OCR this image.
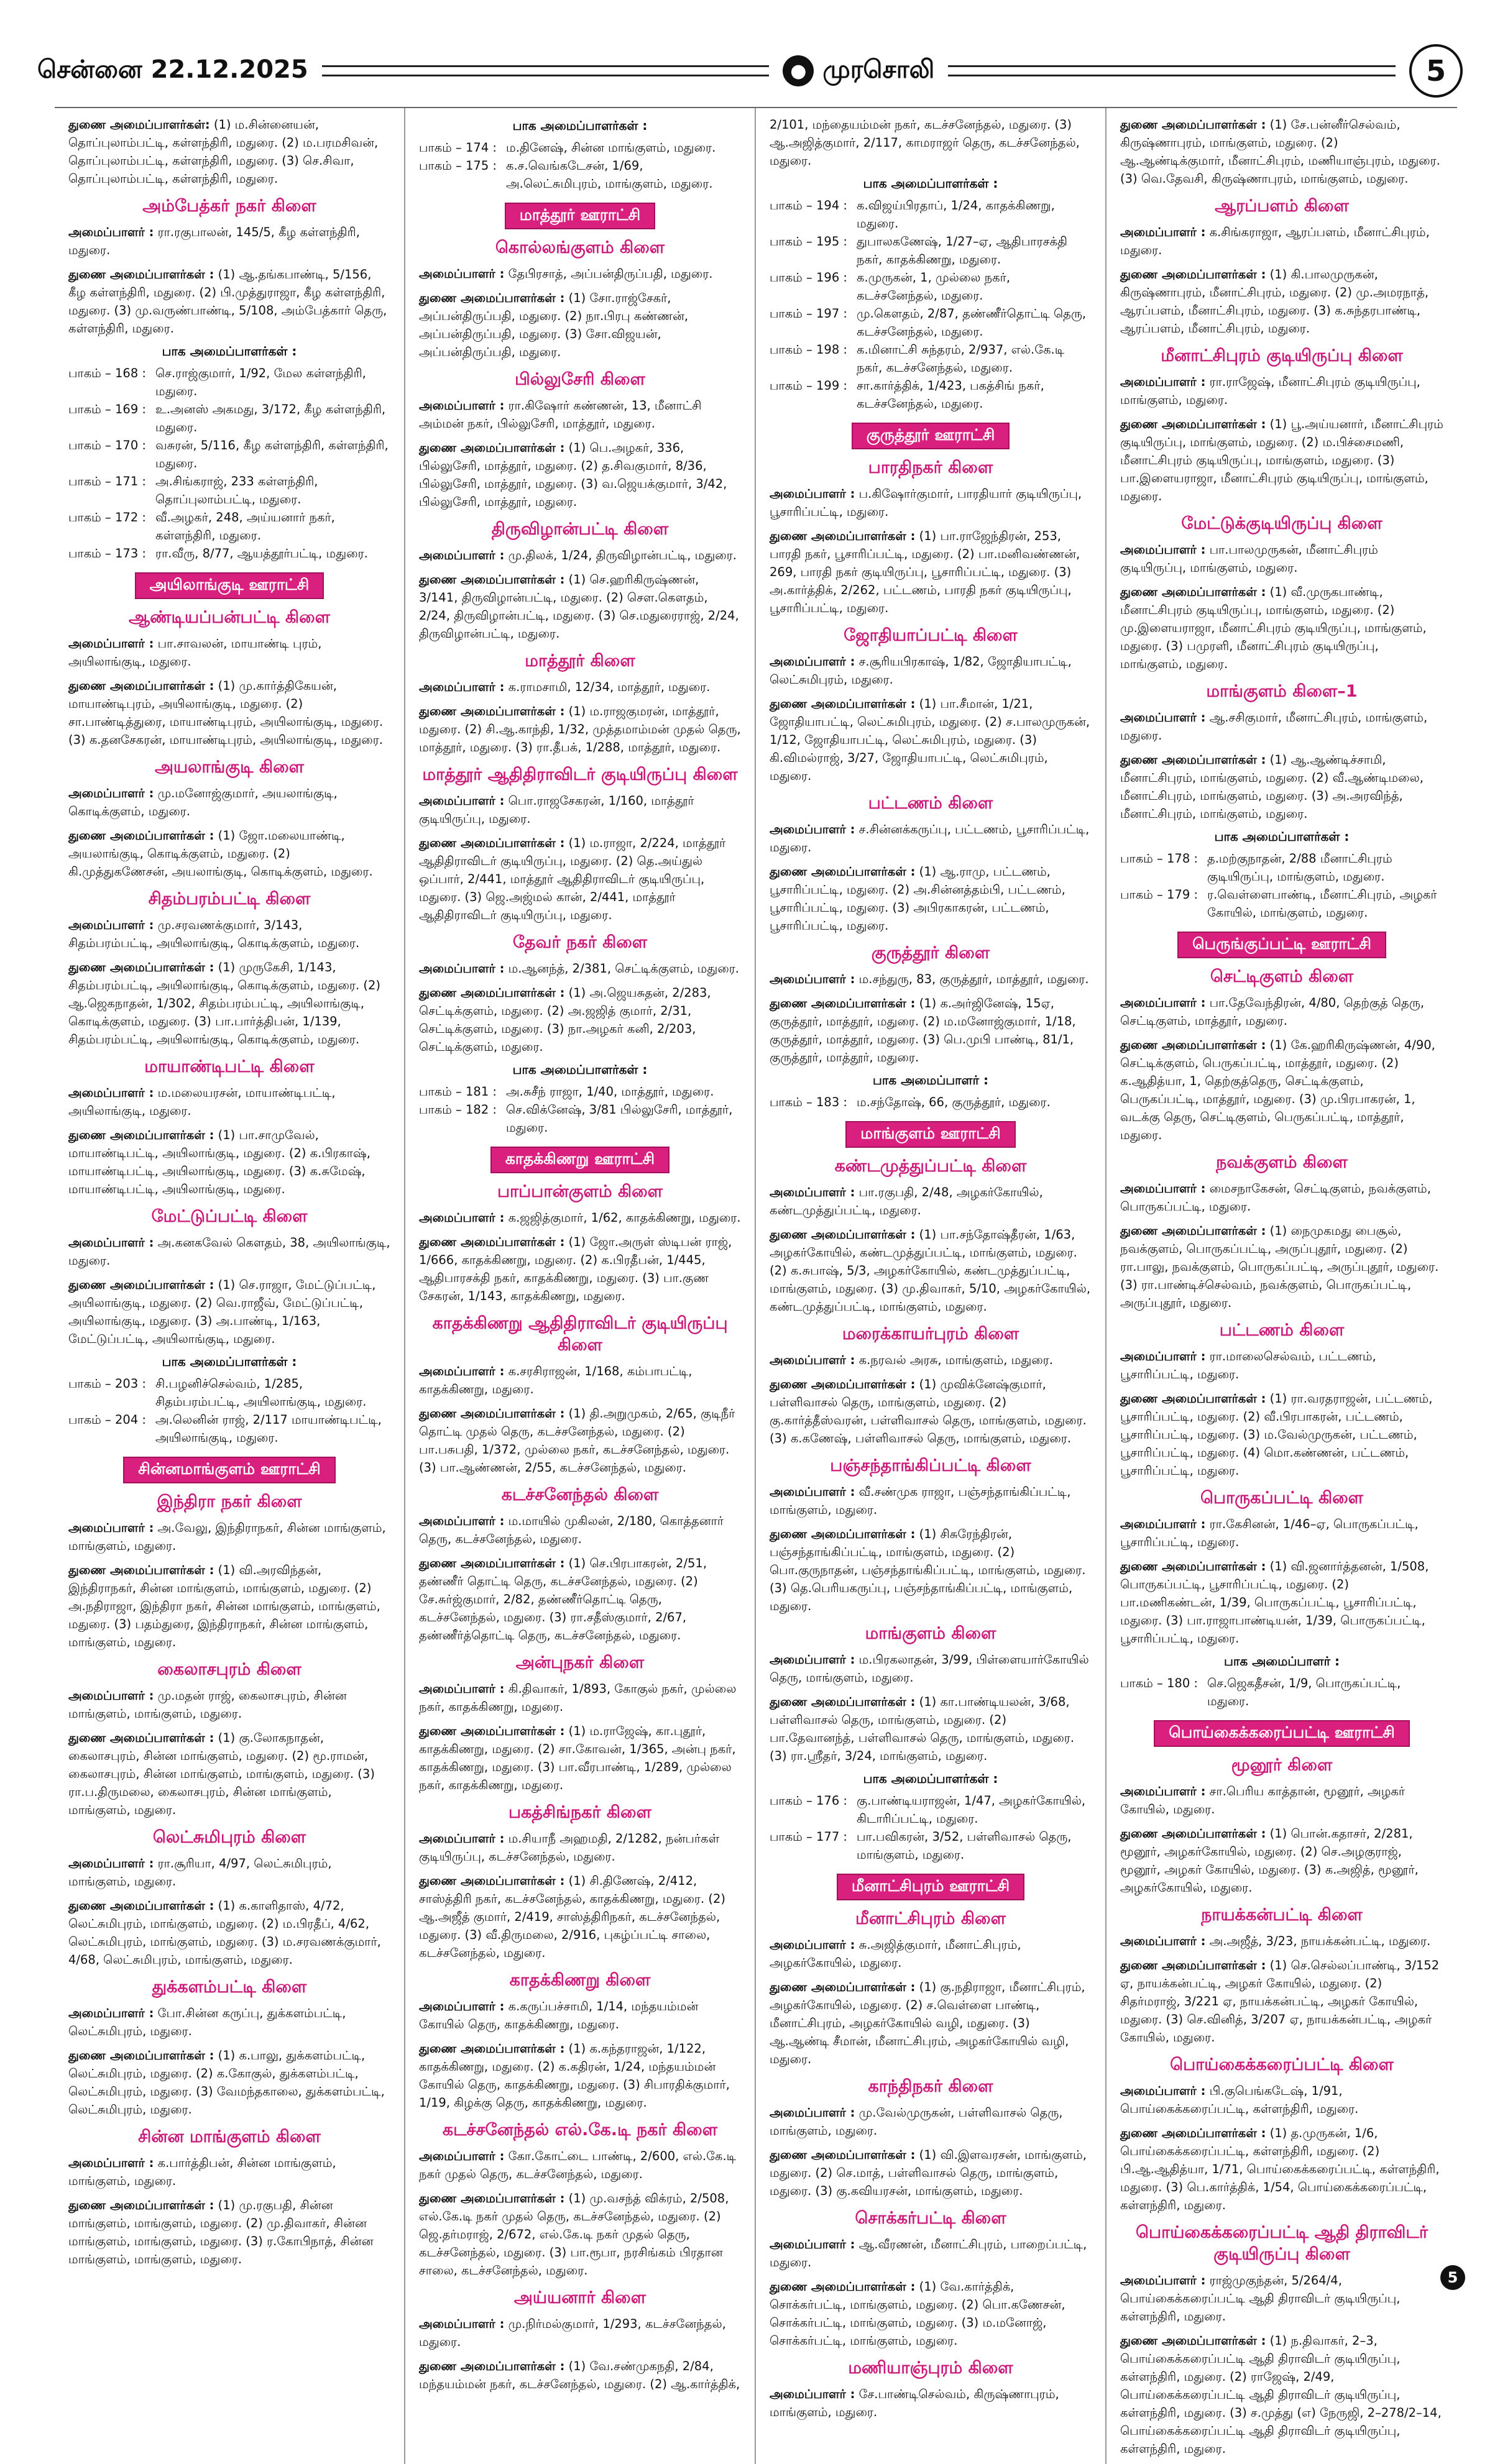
சென்னை 22.12.2025	● முரசொலி	5

துணை அமைப்பாளர்கள்: (1) ம.சின்னையன், தொப்புலாம்பட்டி, கள்ளந்திரி, மதுரை. (2) ம.பரமசிவன், தொப்புலாம்பட்டி, கள்ளந்திரி, மதுரை. (3) செ.சிவா, தொப்புலாம்பட்டி, கள்ளந்திரி, மதுரை.

அம்பேத்கர் நகர் கிளை

அமைப்பாளர் : ரா.ரகுபாலன், 145/5, கீழ கள்ளந்திரி, மதுரை.

துணை அமைப்பாளர்கள் : (1) ஆ.தங்கபாண்டி, 5/156, கீழ கள்ளந்திரி, மதுரை. (2) பி.முத்துராஜா, கீழ கள்ளந்திரி, மதுரை. (3) மு.வருண்பாண்டி, 5/108, அம்பேத்கார் தெரு, கள்ளந்திரி, மதுரை.

பாக அமைப்பாளர்கள் :
பாகம் – 168 : செ.ராஜ்குமார், 1/92, மேல கள்ளந்திரி, மதுரை.
பாகம் – 169 : உ.அனஸ் அகமது, 3/172, கீழ கள்ளந்திரி, மதுரை.
பாகம் – 170 : வசுரன், 5/116, கீழ கள்ளந்திரி, கள்ளந்திரி, மதுரை.
பாகம் – 171 : அ.சிங்கராஜ், 233 கள்ளந்திரி, தொப்புலாம்பட்டி, மதுரை.
பாகம் – 172 : வீ.அழகர், 248, அய்யனார் நகர், கள்ளந்திரி, மதுரை.
பாகம் – 173 : ரா.வீரு, 8/77, ஆயத்தூர்பட்டி, மதுரை.
அயிலாங்குடி ஊராட்சி
ஆண்டியப்பன்பட்டி கிளை

அமைப்பாளர் : பா.சாவலன், மாயாண்டி புரம், அயிலாங்குடி, மதுரை.

துணை அமைப்பாளர்கள் : (1) மு.கார்த்திகேயன், மாயாண்டிபுரம், அயிலாங்குடி, மதுரை. (2) சா.பாண்டித்துரை, மாயாண்டிபுரம், அயிலாங்குடி, மதுரை. (3) க.தனசேகரன், மாயாண்டிபுரம், அயிலாங்குடி, மதுரை.

அயலாங்குடி கிளை

அமைப்பாளர் : மு.மனோஜ்குமார், அயலாங்குடி, கொடிக்குளம், மதுரை.

துணை அமைப்பாளர்கள் : (1) ஜோ.மலையாண்டி, அயலாங்குடி, கொடிக்குளம், மதுரை. (2) கி.முத்துகணேசன், அயலாங்குடி, கொடிக்குளம், மதுரை.

சிதம்பரம்பட்டி கிளை

அமைப்பாளர் : மு.சரவணக்குமார், 3/143, சிதம்பரம்பட்டி, அயிலாங்குடி, கொடிக்குளம், மதுரை.

துணை அமைப்பாளர்கள் : (1) முருகேசி, 1/143, சிதம்பரம்பட்டி, அயிலாங்குடி, கொடிக்குளம், மதுரை. (2) ஆ.ஜெகநாதன், 1/302, சிதம்பரம்பட்டி, அயிலாங்குடி, கொடிக்குளம், மதுரை. (3) பா.பார்த்திபன், 1/139, சிதம்பரம்பட்டி, அயிலாங்குடி, கொடிக்குளம், மதுரை.

மாயாண்டிபட்டி கிளை

அமைப்பாளர் : ம.மலையரசன், மாயாண்டிபட்டி, அயிலாங்குடி, மதுரை.

துணை அமைப்பாளர்கள் : (1) பா.சாமுவேல், மாயாண்டிபட்டி, அயிலாங்குடி, மதுரை. (2) க.பிரகாஷ், மாயாண்டிபட்டி, அயிலாங்குடி, மதுரை. (3) க.சுமேஷ், மாயாண்டிபட்டி, அயிலாங்குடி, மதுரை.

மேட்டுப்பட்டி கிளை

அமைப்பாளர் : அ.கனகவேல் கௌதம், 38, அயிலாங்குடி, மதுரை.

துணை அமைப்பாளர்கள் : (1) செ.ராஜா, மேட்டுப்பட்டி, அயிலாங்குடி, மதுரை. (2) வெ.ராஜீவ், மேட்டுப்பட்டி, அயிலாங்குடி, மதுரை. (3) அ.பாண்டி, 1/163, மேட்டுப்பட்டி, அயிலாங்குடி, மதுரை.

பாக அமைப்பாளர்கள் :
பாகம் – 203 : சி.பழனிச்செல்வம், 1/285, சிதம்பரம்பட்டி, அயிலாங்குடி, மதுரை.
பாகம் – 204 : அ.லெனின் ராஜ், 2/117 மாயாண்டிபட்டி, அயிலாங்குடி, மதுரை.
சின்னமாங்குளம் ஊராட்சி
இந்திரா நகர் கிளை

அமைப்பாளர் : அ.வேலு, இந்திராநகர், சின்ன மாங்குளம், மாங்குளம், மதுரை.

துணை அமைப்பாளர்கள் : (1) வி.அரவிந்தன், இந்திராநகர், சின்ன மாங்குளம், மாங்குளம், மதுரை. (2) அ.நதிராஜா, இந்திரா நகர், சின்ன மாங்குளம், மாங்குளம், மதுரை. (3) பதம்துரை, இந்திராநகர், சின்ன மாங்குளம், மாங்குளம், மதுரை.

கைலாசபுரம் கிளை

அமைப்பாளர் : மு.மதன் ராஜ், கைலாசபுரம், சின்ன மாங்குளம், மாங்குளம், மதுரை.

துணை அமைப்பாளர்கள் : (1) கு.லோகநாதன், கைலாசபுரம், சின்ன மாங்குளம், மதுரை. (2) மூ.ராமன், கைலாசபுரம், சின்ன மாங்குளம், மாங்குளம், மதுரை. (3) ரா.ப.திருமலை, கைலாசபுரம், சின்ன மாங்குளம், மாங்குளம், மதுரை.

லெட்சுமிபுரம் கிளை

அமைப்பாளர் : ரா.சூரியா, 4/97, லெட்சுமிபுரம், மாங்குளம், மதுரை.

துணை அமைப்பாளர்கள் : (1) க.காளிதாஸ், 4/72, லெட்சுமிபுரம், மாங்குளம், மதுரை. (2) ம.பிரதீப், 4/62, லெட்சுமிபுரம், மாங்குளம், மதுரை. (3) ம.சரவணக்குமார், 4/68, லெட்சுமிபுரம், மாங்குளம், மதுரை.

துக்களம்பட்டி கிளை

அமைப்பாளர் : போ.சின்ன கருப்பு, துக்களம்பட்டி, லெட்சுமிபுரம், மதுரை.

துணை அமைப்பாளர்கள் : (1) க.பாலு, துக்களம்பட்டி, லெட்சுமிபுரம், மதுரை. (2) க.கோகுல், துக்களம்பட்டி, லெட்சுமிபுரம், மதுரை. (3) வேமந்தகாலை, துக்களம்பட்டி, லெட்சுமிபுரம், மதுரை.

சின்ன மாங்குளம் கிளை

அமைப்பாளர் : க.பார்த்திபன், சின்ன மாங்குளம், மாங்குளம், மதுரை.

துணை அமைப்பாளர்கள் : (1) மு.ரகுபதி, சின்ன மாங்குளம், மாங்குளம், மதுரை. (2) மு.திவாகர், சின்ன மாங்குளம், மாங்குளம், மதுரை. (3) ர.கோபிநாத், சின்ன மாங்குளம், மாங்குளம், மதுரை.

பாக அமைப்பாளர்கள் :
பாகம் – 174 : ம.தினேஷ், சின்ன மாங்குளம், மதுரை.
பாகம் – 175 : க.ச.வெங்கடேசன், 1/69, அ.லெட்சுமிபுரம், மாங்குளம், மதுரை.
மாத்தூர் ஊராட்சி
கொல்லங்குளம் கிளை

அமைப்பாளர் : தேபிரசாத், அப்பன்திருப்பதி, மதுரை.

துணை அமைப்பாளர்கள் : (1) சோ.ராஜ்சேகர், அப்பன்திருப்பதி, மதுரை. (2) நா.பிரபு கண்ணன், அப்பன்திருப்பதி, மதுரை. (3) சோ.விஜயன், அப்பன்திருப்பதி, மதுரை.

பில்லுசேரி கிளை

அமைப்பாளர் : ரா.கிஷோர் கண்ணன், 13, மீனாட்சி அம்மன் நகர், பில்லுசேரி, மாத்தூர், மதுரை.

துணை அமைப்பாளர்கள் : (1) பெ.அழகர், 336, பில்லுசேரி, மாத்தூர், மதுரை. (2) த.சிவகுமார், 8/36, பில்லுசேரி, மாத்தூர், மதுரை. (3) வ.ஜெயக்குமார், 3/42, பில்லுசேரி, மாத்தூர், மதுரை.

திருவிழான்பட்டி கிளை

அமைப்பாளர் : மு.திலக், 1/24, திருவிழான்பட்டி, மதுரை.

துணை அமைப்பாளர்கள் : (1) செ.ஹரிகிருஷ்ணன், 3/141, திருவிழான்பட்டி, மதுரை. (2) சௌ.கௌதம், 2/24, திருவிழான்பட்டி, மதுரை. (3) செ.மதுரைராஜ், 2/24, திருவிழான்பட்டி, மதுரை.

மாத்தூர் கிளை

அமைப்பாளர் : க.ராமசாமி, 12/34, மாத்தூர், மதுரை.

துணை அமைப்பாளர்கள் : (1) ம.ராஜகுமரன், மாத்தூர், மதுரை. (2) சி.ஆ.காந்தி, 1/32, முத்தமாம்மன் முதல் தெரு, மாத்தூர், மதுரை. (3) ரா.தீபக், 1/288, மாத்தூர், மதுரை.

மாத்தூர் ஆதிதிராவிடர் குடியிருப்பு கிளை

அமைப்பாளர் : பொ.ராஜசேகரன், 1/160, மாத்தூர் குடியிருப்பு, மதுரை.

துணை அமைப்பாளர்கள் : (1) ம.ராஜா, 2/224, மாத்தூர் ஆதிதிராவிடர் குடியிருப்பு, மதுரை. (2) தெ.அய்துல் ஒப்பார், 2/441, மாத்தூர் ஆதிதிராவிடர் குடியிருப்பு, மதுரை. (3) ஜெ.அஜ்மல் கான், 2/441, மாத்தூர் ஆதிதிராவிடர் குடியிருப்பு, மதுரை.

தேவர் நகர் கிளை

அமைப்பாளர் : ம.ஆனந்த், 2/381, செட்டிக்குளம், மதுரை.

துணை அமைப்பாளர்கள் : (1) அ.ஜெயசுதன், 2/283, செட்டிக்குளம், மதுரை. (2) அ.ஜஜித் குமார், 2/31, செட்டிக்குளம், மதுரை. (3) நா.அழகர் கனி, 2/203, செட்டிக்குளம், மதுரை.

பாக அமைப்பாளர்கள் :
பாகம் – 181 : அ.சுசீந் ராஜா, 1/40, மாத்தூர், மதுரை.
பாகம் – 182 : செ.விக்னேஷ், 3/81 பில்லுசேரி, மாத்தூர், மதுரை.
காதக்கிணறு ஊராட்சி
பாப்பான்குளம் கிளை

அமைப்பாளர் : க.ஜஜித்குமார், 1/62, காதக்கிணறு, மதுரை.

துணை அமைப்பாளர்கள் : (1) ஜோ.அருள் ஸ்டிபன் ராஜ், 1/666, காதக்கிணறு, மதுரை. (2) க.பிரதீபன், 1/445, ஆதிபாரசக்தி நகர், காதக்கிணறு, மதுரை. (3) பா.குண சேகரன், 1/143, காதக்கிணறு, மதுரை.

காதக்கிணறு ஆதிதிராவிடர் குடியிருப்பு கிளை

அமைப்பாளர் : க.சரசிராஜன், 1/168, கம்பாபட்டி, காதக்கிணறு, மதுரை.

துணை அமைப்பாளர்கள் : (1) தி.அறுமுகம், 2/65, குடிநீர் தொட்டி முதல் தெரு, கடச்சனேந்தல், மதுரை. (2) பா.பசுபதி, 1/372, முல்லை நகர், கடச்சனேந்தல், மதுரை. (3) பா.ஆண்ணன், 2/55, கடச்சனேந்தல், மதுரை.

கடச்சனேந்தல் கிளை

அமைப்பாளர் : ம.மாயில் முகிலன், 2/180, கொத்தனார் தெரு, கடச்சனேந்தல், மதுரை.

துணை அமைப்பாளர்கள் : (1) செ.பிரபாகரன், 2/51, தண்ணீர் தொட்டி தெரு, கடச்சனேந்தல், மதுரை. (2) சே.சுர்ஜ்குமார், 2/82, தண்ணீர்தொட்டி தெரு, கடச்சனேந்தல், மதுரை. (3) ரா.சதீஸ்குமார், 2/67, தண்ணீர்த்தொட்டி தெரு, கடச்சனேந்தல், மதுரை.

அன்புநகர் கிளை

அமைப்பாளர் : கி.திவாகர், 1/893, கோகுல் நகர், முல்லை நகர், காதக்கிணறு, மதுரை.

துணை அமைப்பாளர்கள் : (1) ம.ராஜேஷ், கா.புதூர், காதக்கிணறு, மதுரை. (2) சா.கோவன், 1/365, அன்பு நகர், காதக்கிணறு, மதுரை. (3) பா.வீரபாண்டி, 1/289, முல்லை நகர், காதக்கிணறு, மதுரை.

பகத்சிங்நகர் கிளை

அமைப்பாளர் : ம.சியாநீ அஹமதி, 2/1282, நன்பர்கள் குடியிருப்பு, கடச்சனேந்தல், மதுரை.

துணை அமைப்பாளர்கள் : (1) சி.திணேஷ், 2/412, சாஸ்த்திரி நகர், கடச்சனேந்தல், காதக்கிணறு, மதுரை. (2) ஆ.அஜீத் குமார், 2/419, சாஸ்த்திரிநகர், கடச்சனேந்தல், மதுரை. (3) வீ.திருமலை, 2/916, புகழ்ப்பட்டி சாலை, கடச்சனேந்தல், மதுரை.

காதக்கிணறு கிளை

அமைப்பாளர் : க.கருப்பச்சாமி, 1/14, மந்தயம்மன் கோயில் தெரு, காதக்கிணறு, மதுரை.

துணை அமைப்பாளர்கள் : (1) க.கந்தராஜன், 1/122, காதக்கிணறு, மதுரை. (2) க.கதிரன், 1/24, மந்தயம்மன் கோயில் தெரு, காதக்கிணறு, மதுரை. (3) சிபாரதிக்குமார், 1/19, கிழக்கு தெரு, காதக்கிணறு, மதுரை.

கடச்சனேந்தல் எல்.கே.டி நகர் கிளை

அமைப்பாளர் : கோ.கோட்டை பாண்டி, 2/600, எல்.கே.டி நகர் முதல் தெரு, கடச்சனேந்தல், மதுரை.

துணை அமைப்பாளர்கள் : (1) மு.வசந்த் விக்ரம், 2/508, எல்.கே.டி நகர் முதல் தெரு, கடச்சனேந்தல், மதுரை. (2) ஜெ.தர்மராஜ், 2/672, எல்.கே.டி நகர் முதல் தெரு, கடச்சனேந்தல், மதுரை. (3) பா.ரூபா, நரசிங்கம் பிரதான சாலை, கடச்சனேந்தல், மதுரை.

அய்யனார் கிளை

அமைப்பாளர் : மு.நிர்மல்குமார், 1/293, கடச்சனேந்தல், மதுரை.

துணை அமைப்பாளர்கள் : (1) வே.சண்முகநதி, 2/84, மந்தயம்மன் நகர், கடச்சனேந்தல், மதுரை. (2) ஆ.கார்த்திக்,

2/101, மந்தையம்மன் நகர், கடச்சனேந்தல், மதுரை. (3) ஆ.அஜித்குமார், 2/117, காமராஜர் தெரு, கடச்சனேந்தல், மதுரை.

பாக அமைப்பாளர்கள் :
பாகம் – 194 : க.விஜய்பிரதாப், 1/24, காதக்கிணறு, மதுரை.
பாகம் – 195 : துபாலகணேஷ், 1/27–ஏ, ஆதிபாரசக்தி நகர், காதக்கிணறு, மதுரை.
பாகம் – 196 : க.முருகன், 1, முல்லை நகர், கடச்சனேந்தல், மதுரை.
பாகம் – 197 : மு.கௌதம், 2/87, தண்ணீர்தொட்டி தெரு, கடச்சனேந்தல், மதுரை.
பாகம் – 198 : க.மினாட்சி சுந்தரம், 2/937, எல்.கே.டி நகர், கடச்சனேந்தல், மதுரை.
பாகம் – 199 : சா.கார்த்திக், 1/423, பகத்சிங் நகர், கடச்சனேந்தல், மதுரை.
குருத்தூர் ஊராட்சி
பாரதிநகர் கிளை

அமைப்பாளர் : ப.கிஷோர்குமார், பாரதியார் குடியிருப்பு, பூசாரிப்பட்டி, மதுரை.

துணை அமைப்பாளர்கள் : (1) பா.ராஜேந்திரன், 253, பாரதி நகர், பூசாரிப்பட்டி, மதுரை. (2) பா.மனிவண்ணன், 269, பாரதி நகர் குடியிருப்பு, பூசாரிப்பட்டி, மதுரை. (3) அ.கார்த்திக், 2/262, பட்டணம், பாரதி நகர் குடியிருப்பு, பூசாரிப்பட்டி, மதுரை.

ஜோதியாப்பட்டி கிளை

அமைப்பாளர் : ச.சூரியபிரகாஷ், 1/82, ஜோதியாபட்டி, லெட்சுமிபுரம், மதுரை.

துணை அமைப்பாளர்கள் : (1) பா.சீமான், 1/21, ஜோதியாபட்டி, லெட்சுமிபுரம், மதுரை. (2) ச.பாலமுருகன், 1/12, ஜோதியாபட்டி, லெட்சுமிபுரம், மதுரை. (3) கி.விமல்ராஜ், 3/27, ஜோதியாபட்டி, லெட்சுமிபுரம், மதுரை.

பட்டணம் கிளை

அமைப்பாளர் : ச.சின்னக்கருப்பு, பட்டணம், பூசாரிப்பட்டி, மதுரை.

துணை அமைப்பாளர்கள் : (1) ஆ.ராமு, பட்டணம், பூசாரிப்பட்டி, மதுரை. (2) அ.சின்னத்தம்பி, பட்டணம், பூசாரிப்பட்டி, மதுரை. (3) அபிரகாகரன், பட்டணம், பூசாரிப்பட்டி, மதுரை.

குருத்தூர் கிளை

அமைப்பாளர் : ம.சந்துரு, 83, குருத்தூர், மாத்தூர், மதுரை.

துணை அமைப்பாளர்கள் : (1) க.அர்ஜினேஷ், 15ஏ, குருத்தூர், மாத்தூர், மதுரை. (2) ம.மனோஜ்குமார், 1/18, குருத்தூர், மாத்தூர், மதுரை. (3) பெ.முபி பாண்டி, 81/1, குருத்தூர், மாத்தூர், மதுரை.

பாக அமைப்பாளர் :
பாகம் – 183 : ம.சந்தோஷ், 66, குருத்தூர், மதுரை.
மாங்குளம் ஊராட்சி
கண்டமுத்துப்பட்டி கிளை

அமைப்பாளர் : பா.ரகுபதி, 2/48, அழகர்கோயில், கண்டமுத்துப்பட்டி, மதுரை.

துணை அமைப்பாளர்கள் : (1) பா.சந்தோஷ்தீரன், 1/63, அழகர்கோயில், கண்டமுத்துப்பட்டி, மாங்குளம், மதுரை. (2) க.சுபாஷ், 5/3, அழகர்கோயில், கண்டமுத்துப்பட்டி, மாங்குளம், மதுரை. (3) மு.திவாகர், 5/10, அழகர்கோயில், கண்டமுத்துப்பட்டி, மாங்குளம், மதுரை.

மரைக்காயர்புரம் கிளை

அமைப்பாளர் : க.நரவல் அரசு, மாங்குளம், மதுரை.

துணை அமைப்பாளர்கள் : (1) முவிக்னேஷ்குமார், பள்ளிவாசல் தெரு, மாங்குளம், மதுரை. (2) கு.கார்த்தீஸ்வரன், பள்ளிவாசல் தெரு, மாங்குளம், மதுரை. (3) க.கணேஷ், பள்ளிவாசல் தெரு, மாங்குளம், மதுரை.

பஞ்சந்தாங்கிப்பட்டி கிளை

அமைப்பாளர் : வீ.சண்முக ராஜா, பஞ்சந்தாங்கிப்பட்டி, மாங்குளம், மதுரை.

துணை அமைப்பாளர்கள் : (1) சிசுரேந்திரன், பஞ்சந்தாங்கிப்பட்டி, மாங்குளம், மதுரை. (2) பொ.குருநாதன், பஞ்சந்தாங்கிப்பட்டி, மாங்குளம், மதுரை. (3) தெ.பெரியகருப்பு, பஞ்சந்தாங்கிப்பட்டி, மாங்குளம், மதுரை.

மாங்குளம் கிளை

அமைப்பாளர் : ம.பிரகலாதன், 3/99, பிள்ளையார்கோயில் தெரு, மாங்குளம், மதுரை.

துணை அமைப்பாளர்கள் : (1) கா.பாண்டியலன், 3/68, பள்ளிவாசல் தெரு, மாங்குளம், மதுரை. (2) பா.தேவானந்த், பள்ளிவாசல் தெரு, மாங்குளம், மதுரை. (3) ரா.ஸ்ரீதர், 3/24, மாங்குளம், மதுரை.

பாக அமைப்பாளர்கள் :
பாகம் – 176 : கு.பாண்டியராஜன், 1/47, அழகர்கோயில், கிடாரிப்பட்டி, மதுரை.
பாகம் – 177 : பா.பவிகரன், 3/52, பள்ளிவாசல் தெரு, மாங்குளம், மதுரை.
மீனாட்சிபுரம் ஊராட்சி
மீனாட்சிபுரம் கிளை

அமைப்பாளர் : சு.அஜித்குமார், மீனாட்சிபுரம், அழகர்கோயில், மதுரை.

துணை அமைப்பாளர்கள் : (1) கு.நதிராஜா, மீனாட்சிபுரம், அழகர்கோயில், மதுரை. (2) ச.வெள்ளை பாண்டி, மீனாட்சிபுரம், அழகர்கோயில் வழி, மதுரை. (3) ஆ.ஆண்டி சீமான், மீனாட்சிபுரம், அழகர்கோயில் வழி, மதுரை.

காந்திநகர் கிளை

அமைப்பாளர் : மு.வேல்முருகன், பள்ளிவாசல் தெரு, மாங்குளம், மதுரை.

துணை அமைப்பாளர்கள் : (1) வி.இளவரசன், மாங்குளம், மதுரை. (2) செ.மாத், பள்ளிவாசல் தெரு, மாங்குளம், மதுரை. (3) கு.கவியரசன், மாங்குளம், மதுரை.

சொக்கர்பட்டி கிளை

அமைப்பாளர் : ஆ.வீரணன், மீனாட்சிபுரம், பாறைப்பட்டி, மதுரை.

துணை அமைப்பாளர்கள் : (1) வே.கார்த்திக், சொக்கர்பட்டி, மாங்குளம், மதுரை. (2) பொ.கணேசன், சொக்கர்பட்டி, மாங்குளம், மதுரை. (3) ம.மனோஜ், சொக்கர்பட்டி, மாங்குளம், மதுரை.

மணியாஞ்புரம் கிளை

அமைப்பாளர் : சே.பாண்டிசெல்வம், கிருஷ்ணாபுரம், மாங்குளம், மதுரை.

துணை அமைப்பாளர்கள் : (1) சே.பன்னீர்செல்வம், கிருஷ்ணாபுரம், மாங்குளம், மதுரை. (2) ஆ.ஆண்டிக்குமார், மீனாட்சிபுரம், மணியாஞ்புரம், மதுரை. (3) வெ.தேவசி, கிருஷ்ணாபுரம், மாங்குளம், மதுரை.

ஆரப்பளம் கிளை

அமைப்பாளர் : க.சிங்கராஜா, ஆரப்பளம், மீனாட்சிபுரம், மதுரை.

துணை அமைப்பாளர்கள் : (1) கி.பாலமுருகன், கிருஷ்ணாபுரம், மீனாட்சிபுரம், மதுரை. (2) மு.அமரநாத், ஆரப்பளம், மீனாட்சிபுரம், மதுரை. (3) க.சுந்தரபாண்டி, ஆரப்பளம், மீனாட்சிபுரம், மதுரை.

மீனாட்சிபுரம் குடியிருப்பு கிளை

அமைப்பாளர் : ரா.ராஜேஷ், மீனாட்சிபுரம் குடியிருப்பு, மாங்குளம், மதுரை.

துணை அமைப்பாளர்கள் : (1) பூ.அய்யனார், மீனாட்சிபுரம் குடியிருப்பு, மாங்குளம், மதுரை. (2) ம.பிச்சைமணி, மீனாட்சிபுரம் குடியிருப்பு, மாங்குளம், மதுரை. (3) பா.இளையராஜா, மீனாட்சிபுரம் குடியிருப்பு, மாங்குளம், மதுரை.

மேட்டுக்குடியிருப்பு கிளை

அமைப்பாளர் : பா.பாலமுருகன், மீனாட்சிபுரம் குடியிருப்பு, மாங்குளம், மதுரை.

துணை அமைப்பாளர்கள் : (1) வீ.முருகபாண்டி, மீனாட்சிபுரம் குடியிருப்பு, மாங்குளம், மதுரை. (2) மு.இளையராஜா, மீனாட்சிபுரம் குடியிருப்பு, மாங்குளம், மதுரை. (3) பமுரளி, மீனாட்சிபுரம் குடியிருப்பு, மாங்குளம், மதுரை.

மாங்குளம் கிளை–1

அமைப்பாளர் : ஆ.சசிகுமார், மீனாட்சிபுரம், மாங்குளம், மதுரை.

துணை அமைப்பாளர்கள் : (1) ஆ.ஆண்டிச்சாமி, மீனாட்சிபுரம், மாங்குளம், மதுரை. (2) வீ.ஆண்டிமலை, மீனாட்சிபுரம், மாங்குளம், மதுரை. (3) அ.அரவிந்த், மீனாட்சிபுரம், மாங்குளம், மதுரை.

பாக அமைப்பாளர்கள் :
பாகம் – 178 : த.மற்குநாதன், 2/88 மீனாட்சிபுரம் குடியிருப்பு, மாங்குளம், மதுரை.
பாகம் – 179 : ர.வெள்ளைபாண்டி, மீனாட்சிபுரம், அழகர் கோயில், மாங்குளம், மதுரை.
பெருங்குப்பட்டி ஊராட்சி
செட்டிகுளம் கிளை

அமைப்பாளர் : பா.தேவேந்திரன், 4/80, தெற்குத் தெரு, செட்டிகுளம், மாத்தூர், மதுரை.

துணை அமைப்பாளர்கள் : (1) கே.ஹரிகிருஷ்ணன், 4/90, செட்டிக்குளம், பெருகப்பட்டி, மாத்தூர், மதுரை. (2) க.ஆதித்யா, 1, தெற்குத்தெரு, செட்டிக்குளம், பெருகப்பட்டி, மாத்தூர், மதுரை. (3) மு.பிரபாகரன், 1, வடக்கு தெரு, செட்டிகுளம், பெருகப்பட்டி, மாத்தூர், மதுரை.

நவக்குளம் கிளை

அமைப்பாளர் : மைசநாகேசன், செட்டிகுளம், நவக்குளம், பொருகப்பட்டி, மதுரை.

துணை அமைப்பாளர்கள் : (1) நைமுகமது பைசூல், நவக்குளம், பொருகப்பட்டி, அருப்புதூர், மதுரை. (2) ரா.பாலு, நவக்குளம், பொருகப்பட்டி, அருப்புதூர், மதுரை. (3) ரா.பாண்டிச்செல்வம், நவக்குளம், பொருகப்பட்டி, அருப்புதூர், மதுரை.

பட்டணம் கிளை

அமைப்பாளர் : ரா.மாலைசெல்வம், பட்டணம், பூசாரிப்பட்டி, மதுரை.

துணை அமைப்பாளர்கள் : (1) ரா.வரதராஜன், பட்டணம், பூசாரிப்பட்டி, மதுரை. (2) வீ.பிரபாகரன், பட்டணம், பூசாரிப்பட்டி, மதுரை. (3) ம.வேல்முருகன், பட்டணம், பூசாரிப்பட்டி, மதுரை. (4) மொ.கண்ணன், பட்டணம், பூசாரிப்பட்டி, மதுரை.

பொருகப்பட்டி கிளை

அமைப்பாளர் : ரா.கேசினன், 1/46–ஏ, பொருகப்பட்டி, பூசாரிப்பட்டி, மதுரை.

துணை அமைப்பாளர்கள் : (1) வி.ஜனார்த்தனன், 1/508, பொருகப்பட்டி, பூசாரிப்பட்டி, மதுரை. (2) பா.மணிகண்டன், 1/39, பொருகப்பட்டி, பூசாரிப்பட்டி, மதுரை. (3) பா.ராஜாபாண்டியன், 1/39, பொருகப்பட்டி, பூசாரிப்பட்டி, மதுரை.

பாக அமைப்பாளர் :
பாகம் – 180 : செ.ஜெகதீசன், 1/9, பொருகப்பட்டி, மதுரை.
பொய்கைக்கரைப்பட்டி ஊராட்சி
மூனூர் கிளை

அமைப்பாளர் : சா.பெரிய காத்தான், மூனூர், அழகர் கோயில், மதுரை.

துணை அமைப்பாளர்கள் : (1) பொன்.கதாசர், 2/281, மூனூர், அழகர்கோயில், மதுரை. (2) செ.அழகுராஜ், மூனூர், அழகர் கோயில், மதுரை. (3) க.அஜித், மூனூர், அழகர்கோயில், மதுரை.

நாயக்கன்பட்டி கிளை

அமைப்பாளர் : அ.அஜீத், 3/23, நாயக்கன்பட்டி, மதுரை.

துணை அமைப்பாளர்கள் : (1) செ.செல்லப்பாண்டி, 3/152 ஏ, நாயக்கன்பட்டி, அழகர் கோயில், மதுரை. (2) சிதர்மராஜ், 3/221 ஏ, நாயக்கன்பட்டி, அழகர் கோயில், மதுரை. (3) செ.வினித், 3/207 ஏ, நாயக்கன்பட்டி, அழகர் கோயில், மதுரை.

பொய்கைக்கரைப்பட்டி கிளை

அமைப்பாளர் : பி.குபெங்கடேஷ், 1/91, பொய்கைக்கரைப்பட்டி, கள்ளந்திரி, மதுரை.

துணை அமைப்பாளர்கள் : (1) த.முருகன், 1/6, பொய்கைக்கரைப்பட்டி, கள்ளந்திரி, மதுரை. (2) பி.ஆ.ஆதித்யா, 1/71, பொய்கைக்கரைப்பட்டி, கள்ளந்திரி, மதுரை. (3) பெ.கார்த்திக், 1/54, பொய்கைக்கரைப்பட்டி, கள்ளந்திரி, மதுரை.

பொய்கைக்கரைப்பட்டி ஆதி திராவிடர் குடியிருப்பு கிளை

அமைப்பாளர் : ராஜ்முகுந்தன், 5/264/4, பொய்கைக்கரைப்பட்டி ஆதி திராவிடர் குடியிருப்பு, கள்ளந்திரி, மதுரை.

துணை அமைப்பாளர்கள் : (1) ந.திவாகர், 2–3, பொய்கைக்கரைப்பட்டி ஆதி திராவிடர் குடியிருப்பு, கள்ளந்திரி, மதுரை. (2) ராஜேஷ், 2/49, பொய்கைக்கரைப்பட்டி ஆதி திராவிடர் குடியிருப்பு, கள்ளந்திரி, மதுரை. (3) ச.முத்து (எ) நேருஜி, 2–278/2–14, பொய்கைக்கரைப்பட்டி ஆதி திராவிடர் குடியிருப்பு, கள்ளந்திரி, மதுரை.

5
